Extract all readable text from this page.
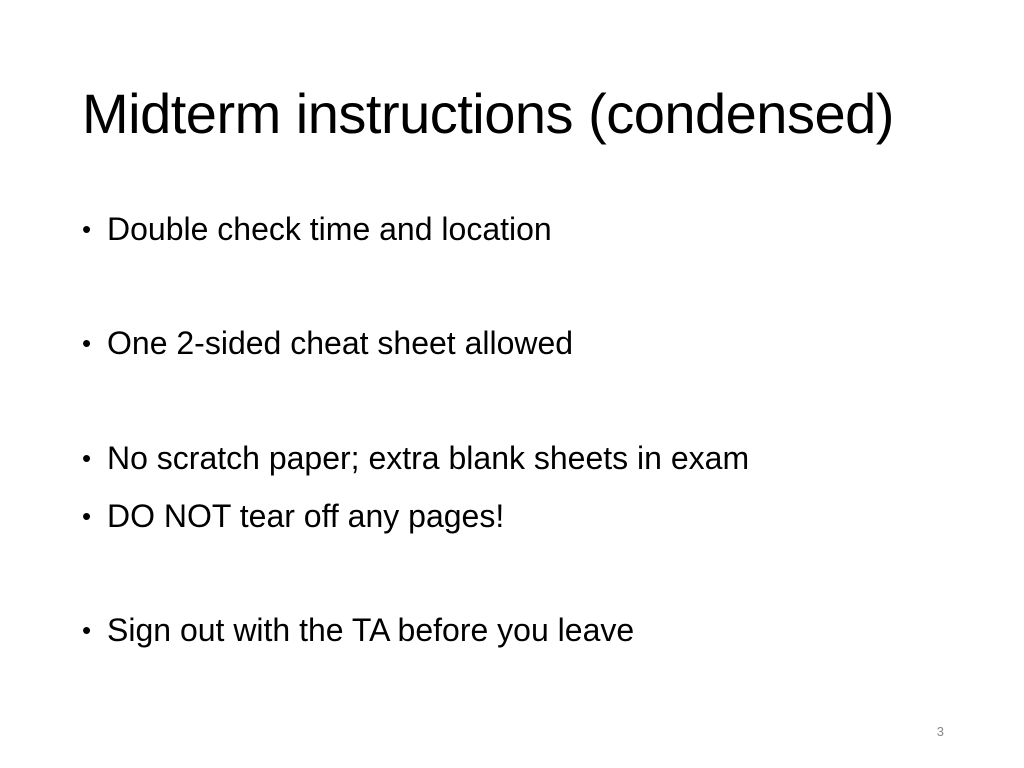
Midterm instructions (condensed)
• Double check time and location
• One 2-sided cheat sheet allowed
• No scratch paper; extra blank sheets in exam
• DO NOT tear off any pages!
• Sign out with the TA before you leave
3
